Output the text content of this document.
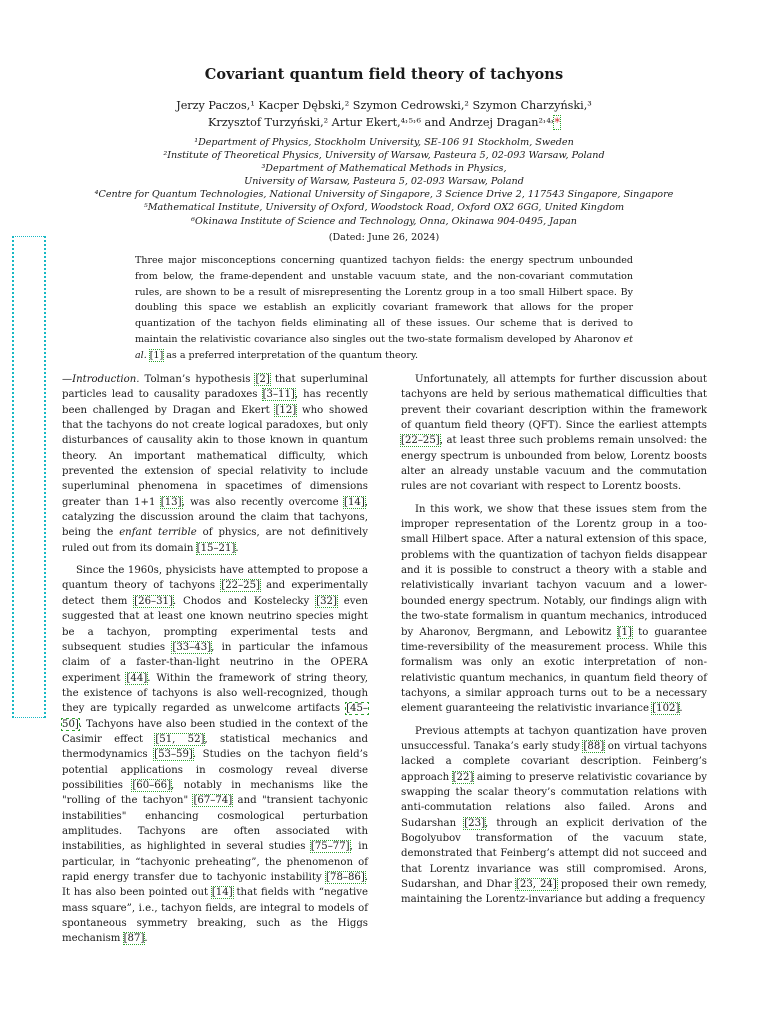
Covariant quantum field theory of tachyons
Jerzy Paczos,¹ Kacper Dębski,² Szymon Cedrowski,² Szymon Charzyński,³
Krzysztof Turzyński,² Artur Ekert,⁴˒⁵˒⁶ and Andrzej Dragan²˒⁴˒*
¹Department of Physics, Stockholm University, SE-106 91 Stockholm, Sweden
²Institute of Theoretical Physics, University of Warsaw, Pasteura 5, 02-093 Warsaw, Poland
³Department of Mathematical Methods in Physics,
University of Warsaw, Pasteura 5, 02-093 Warsaw, Poland
⁴Centre for Quantum Technologies, National University of Singapore, 3 Science Drive 2, 117543 Singapore, Singapore
⁵Mathematical Institute, University of Oxford, Woodstock Road, Oxford OX2 6GG, United Kingdom
⁶Okinawa Institute of Science and Technology, Onna, Okinawa 904-0495, Japan
(Dated: June 26, 2024)

Three major misconceptions concerning quantized tachyon fields: the energy spectrum unbounded from below, the frame-dependent and unstable vacuum state, and the non-covariant commutation rules, are shown to be a result of misrepresenting the Lorentz group in a too small Hilbert space. By doubling this space we establish an explicitly covariant framework that allows for the proper quantization of the tachyon fields eliminating all of these issues. Our scheme that is derived to maintain the relativistic covariance also singles out the two-state formalism developed by Aharonov et al. [1] as a preferred interpretation of the quantum theory.

—Introduction. Tolman’s hypothesis [2] that superluminal particles lead to causality paradoxes [3–11], has recently been challenged by Dragan and Ekert [12] who showed that the tachyons do not create logical paradoxes, but only disturbances of causality akin to those known in quantum theory. An important mathematical difficulty, which prevented the extension of special relativity to include superluminal phenomena in spacetimes of dimensions greater than 1+1 [13], was also recently overcome [14], catalyzing the discussion around the claim that tachyons, being the enfant terrible of physics, are not definitively ruled out from its domain [15–21].

Since the 1960s, physicists have attempted to propose a quantum theory of tachyons [22–25] and experimentally detect them [26–31]. Chodos and Kostelecky [32] even suggested that at least one known neutrino species might be a tachyon, prompting experimental tests and subsequent studies [33–43], in particular the infamous claim of a faster-than-light neutrino in the OPERA experiment [44]. Within the framework of string theory, the existence of tachyons is also well-recognized, though they are typically regarded as unwelcome artifacts [45–50]. Tachyons have also been studied in the context of the Casimir effect [51, 52], statistical mechanics and thermodynamics [53–59]. Studies on the tachyon field’s potential applications in cosmology reveal diverse possibilities [60–66], notably in mechanisms like the "rolling of the tachyon" [67–74] and "transient tachyonic instabilities" enhancing cosmological perturbation amplitudes. Tachyons are often associated with instabilities, as highlighted in several studies [75–77], in particular, in “tachyonic preheating”, the phenomenon of rapid energy transfer due to tachyonic instability [78–86]. It has also been pointed out [14] that fields with “negative mass square”, i.e., tachyon fields, are integral to models of spontaneous symmetry breaking, such as the Higgs mechanism [87].

Unfortunately, all attempts for further discussion about tachyons are held by serious mathematical difficulties that prevent their covariant description within the framework of quantum field theory (QFT). Since the earliest attempts [22–25], at least three such problems remain unsolved: the energy spectrum is unbounded from below, Lorentz boosts alter an already unstable vacuum and the commutation rules are not covariant with respect to Lorentz boosts.

In this work, we show that these issues stem from the improper representation of the Lorentz group in a too-small Hilbert space. After a natural extension of this space, problems with the quantization of tachyon fields disappear and it is possible to construct a theory with a stable and relativistically invariant tachyon vacuum and a lower-bounded energy spectrum. Notably, our findings align with the two-state formalism in quantum mechanics, introduced by Aharonov, Bergmann, and Lebowitz [1] to guarantee time-reversibility of the measurement process. While this formalism was only an exotic interpretation of non-relativistic quantum mechanics, in quantum field theory of tachyons, a similar approach turns out to be a necessary element guaranteeing the relativistic invariance [102].

Previous attempts at tachyon quantization have proven unsuccessful. Tanaka’s early study [88] on virtual tachyons lacked a complete covariant description. Feinberg’s approach [22] aiming to preserve relativistic covariance by swapping the scalar theory’s commutation relations with anti-commutation relations also failed. Arons and Sudarshan [23], through an explicit derivation of the Bogolyubov transformation of the vacuum state, demonstrated that Feinberg’s attempt did not succeed and that Lorentz invariance was still compromised. Arons, Sudarshan, and Dhar [23, 24] proposed their own remedy, maintaining the Lorentz-invariance but adding a frequency
